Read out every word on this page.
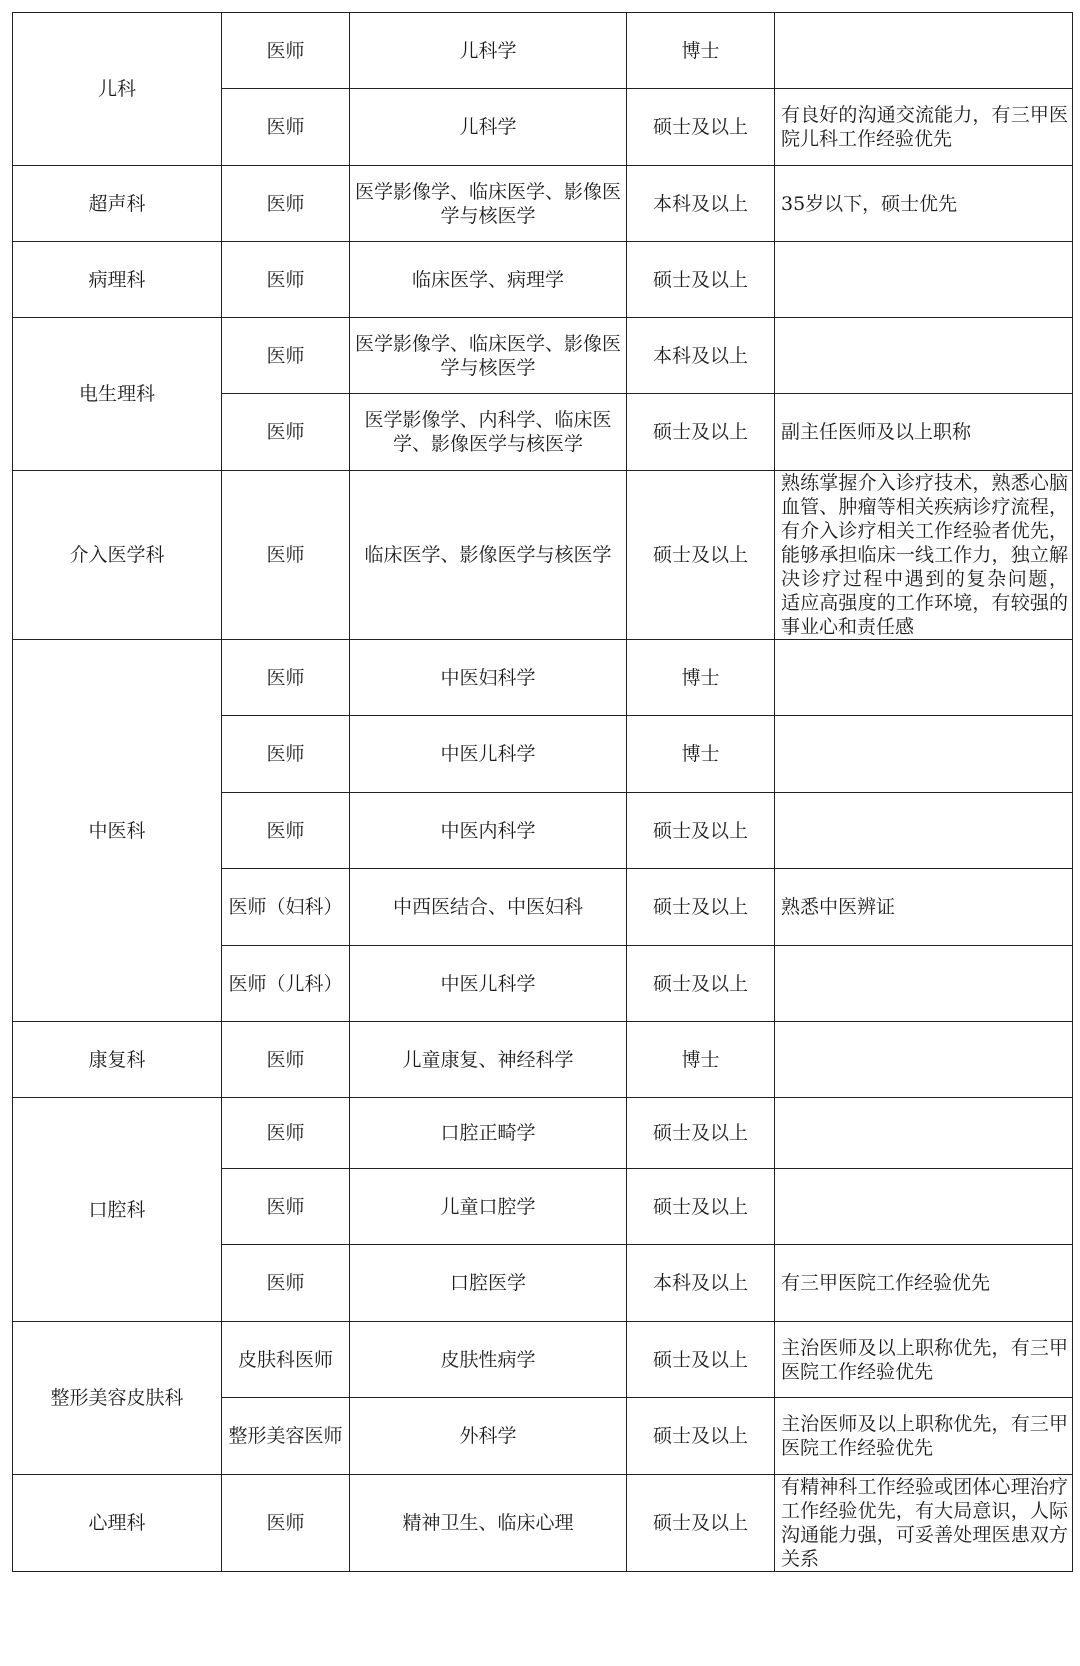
儿科	医师	儿科学	博士	
	医师	儿科学	硕士及以上	有良好的沟通交流能力，有三甲医院儿科工作经验优先
超声科	医师	医学影像学、临床医学、影像医学与核医学	本科及以上	35岁以下，硕士优先
病理科	医师	临床医学、病理学	硕士及以上	
电生理科	医师	医学影像学、临床医学、影像医学与核医学	本科及以上	
	医师	医学影像学、内科学、临床医学、影像医学与核医学	硕士及以上	副主任医师及以上职称
介入医学科	医师	临床医学、影像医学与核医学	硕士及以上	熟练掌握介入诊疗技术，熟悉心脑血管、肿瘤等相关疾病诊疗流程，有介入诊疗相关工作经验者优先，能够承担临床一线工作力，独立解决诊疗过程中遇到的复杂问题， 适应高强度的工作环境，有较强的事业心和责任感
中医科	医师	中医妇科学	博士	
	医师	中医儿科学	博士	
	医师	中医内科学	硕士及以上	
	医师（妇科）	中西医结合、中医妇科	硕士及以上	熟悉中医辨证
	医师（儿科）	中医儿科学	硕士及以上	
康复科	医师	儿童康复、神经科学	博士	
口腔科	医师	口腔正畸学	硕士及以上	
	医师	儿童口腔学	硕士及以上	
	医师	口腔医学	本科及以上	有三甲医院工作经验优先
整形美容皮肤科	皮肤科医师	皮肤性病学	硕士及以上	主治医师及以上职称优先，有三甲医院工作经验优先
	整形美容医师	外科学	硕士及以上	主治医师及以上职称优先，有三甲医院工作经验优先
心理科	医师	精神卫生、临床心理	硕士及以上	有精神科工作经验或团体心理治疗工作经验优先，有大局意识，人际沟通能力强，可妥善处理医患双方关系
